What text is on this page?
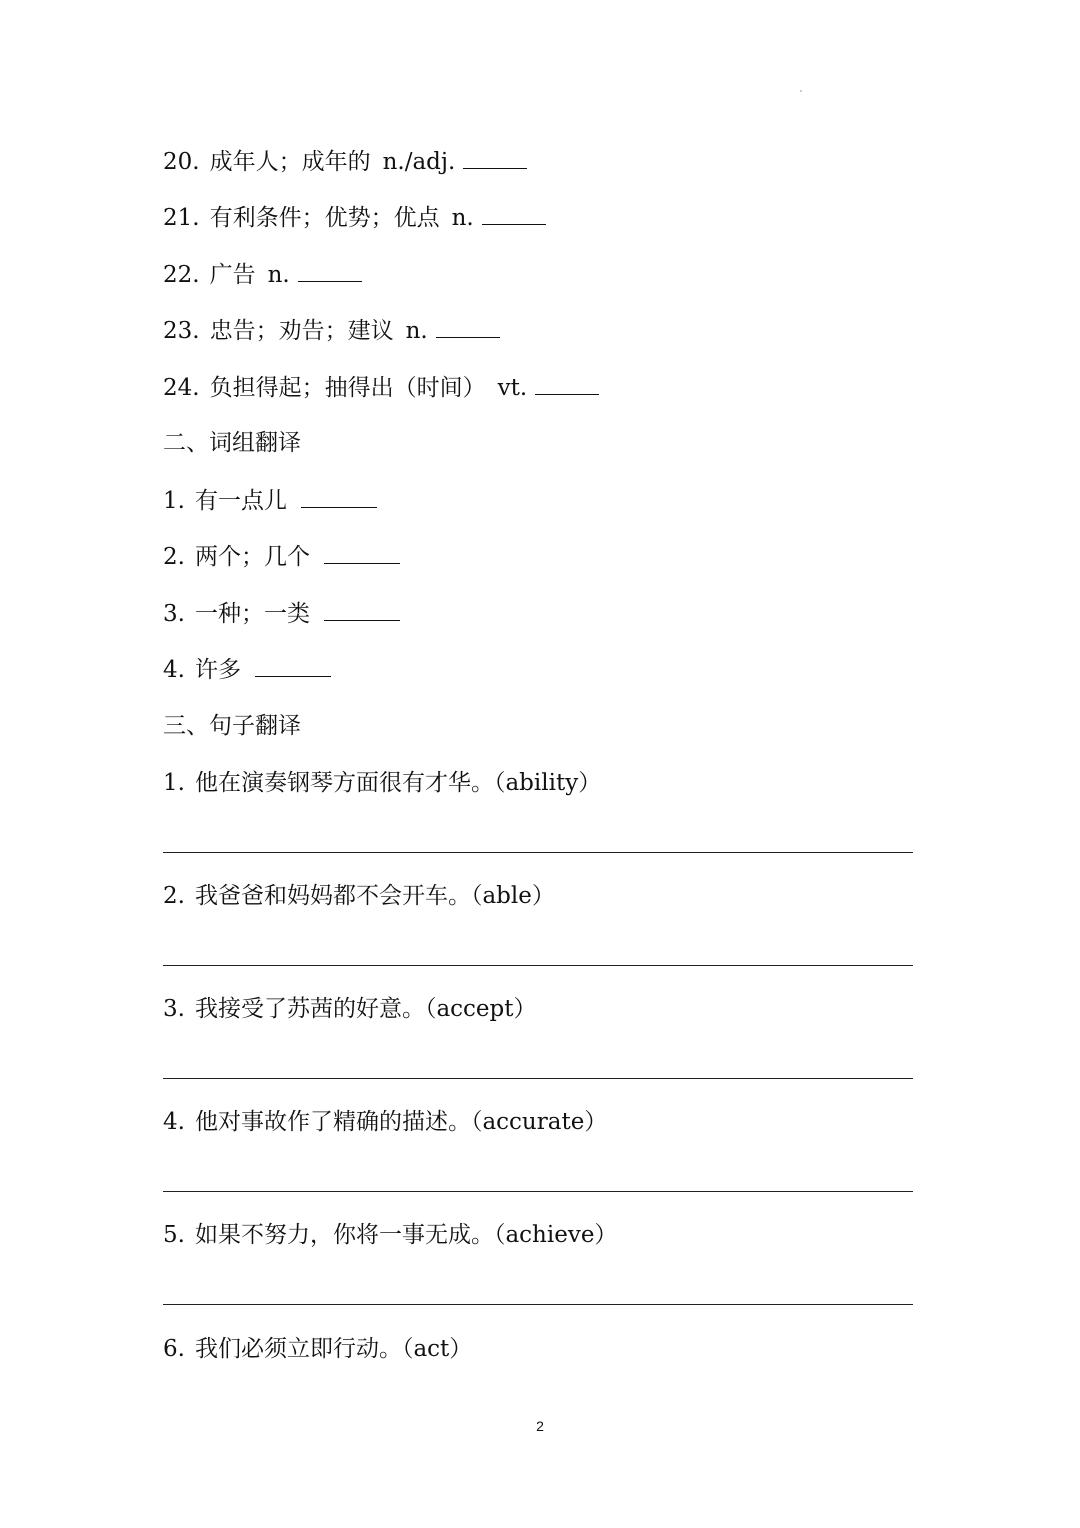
20. 成年人；成年的 n./adj.
21. 有利条件；优势；优点 n.
22. 广告 n.
23. 忠告；劝告；建议 n.
24. 负担得起；抽得出（时间） vt.
二、词组翻译
1. 有一点儿
2. 两个；几个
3. 一种；一类
4. 许多
三、句子翻译
1. 他在演奏钢琴方面很有才华。（ability）
2. 我爸爸和妈妈都不会开车。（able）
3. 我接受了苏茜的好意。（accept）
4. 他对事故作了精确的描述。（accurate）
5. 如果不努力，你将一事无成。（achieve）
6. 我们必须立即行动。（act）
2
